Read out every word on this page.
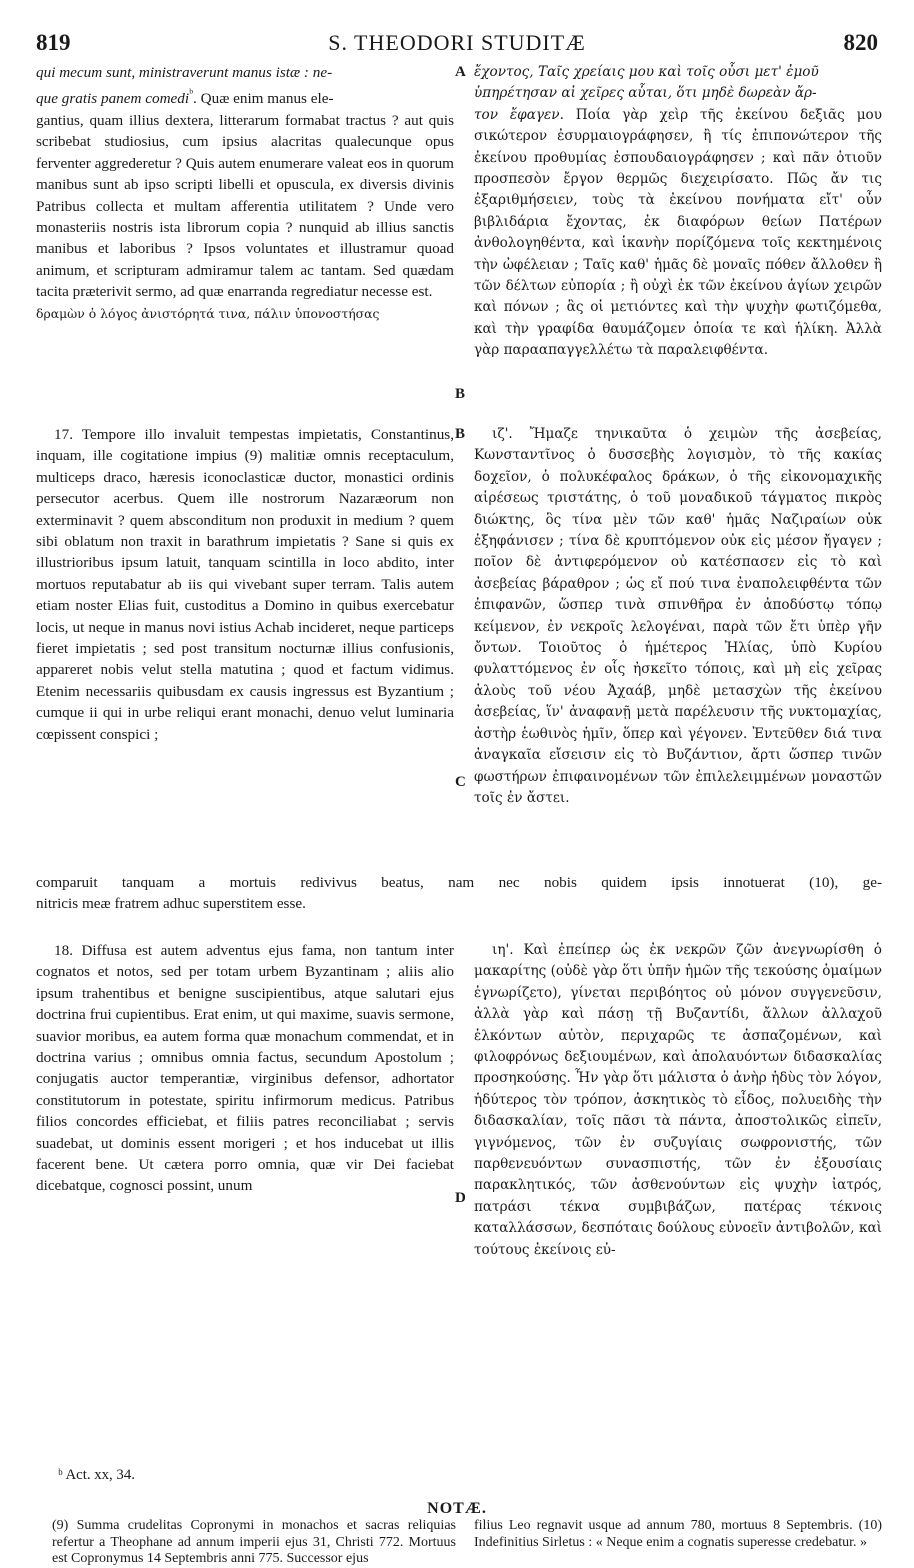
819	S. THEODORI STUDITÆ	820

qui mecum sunt, ministraverunt manus istæ : ne-

que gratis panem comedi$^ᵇ$. Quæ enim manus ele-

gantius, quam illius dextera, litterarum formabat tractus ? aut quis scribebat studiosius, cum ipsius alacritas qualecunque opus ferventer aggrederetur ? Quis autem enumerare valeat eos in quorum manibus sunt ab ipso scripti libelli et opuscula, ex diversis divinis Patribus collecta et multam afferentia utilitatem ? Unde vero monasteriis nostris ista librorum copia ? nunquid ab illius sanctis manibus et laboribus ? Ipsos voluntates et illustramur quoad animum, et scripturam admiramur talem ac tantam. Sed quædam tacita præterivit sermo, ad quæ enarranda regrediatur necesse est.

δραμὼν ὁ λόγος ἀνιστόρητά τινα, πάλιν ὑπονοστήσας

ἔχοντος, Ταῖς χρείαις μου καὶ τοῖς οὖσι μετ' ἐμοῦ

ὑπηρέτησαν αἱ χεῖρες αὗται, ὅτι μηδὲ δωρεὰν ἄρ-

τον ἔφαγεν. Ποία γὰρ χεὶρ τῆς ἐκείνου δεξιᾶς μου σικώτερον ἐσυρμαιογράφησεν, ἢ τίς ἐπιπονώτερον τῆς ἐκείνου προθυμίας ἐσπουδαιογράφησεν ; καὶ πᾶν ὁτιοῦν προσπεσὸν ἔργον θερμῶς διεχειρίσατο. Πῶς ἄν τις ἐξαριθμήσειεν, τοὺς τὰ ἐκείνου πονήματα εἴτ' οὖν βιβλιδάρια ἔχοντας, ἐκ διαφόρων θείων Πατέρων ἀνθολογηθέντα, καὶ ἱκανὴν πορίζόμενα τοῖς κεκτημένοις τὴν ὠφέλειαν ; Ταῖς καθ' ἡμᾶς δὲ μοναῖς πόθεν ἄλλοθεν ἢ τῶν δέλτων εὐπορία ; ἢ οὐχὶ ἐκ τῶν ἐκείνου ἁγίων χειρῶν καὶ πόνων ; ἃς οἱ μετιόντες καὶ τὴν ψυχὴν φωτιζόμεθα, καὶ τὴν γραφίδα θαυμάζομεν ὁποία τε καὶ ἡλίκη. Ἀλλὰ γὰρ παρααπαγγελλέτω τὰ παραλειφθέντα.

17. Tempore illo invaluit tempestas impietatis, Constantinus, inquam, ille cogitatione impius (9) malitiæ omnis receptaculum, multiceps draco, hæresis iconoclasticæ ductor, monastici ordinis persecutor acerbus. Quem ille nostrorum Nazaræorum non exterminavit ? quem absconditum non produxit in medium ? quem sibi oblatum non traxit in barathrum impietatis ? Sane si quis ex illustrioribus ipsum latuit, tanquam scintilla in loco abdito, inter mortuos reputabatur ab iis qui vivebant super terram. Talis autem etiam noster Elias fuit, custoditus a Domino in quibus exercebatur locis, ut neque in manus novi istius Achab incideret, neque particeps fieret impietatis ; sed post transitum nocturnæ illius confusionis, appareret nobis velut stella matutina ; quod et factum vidimus. Etenim necessariis quibusdam ex causis ingressus est Byzantium ; cumque ii qui in urbe reliqui erant monachi, denuo velut luminaria cœpissent conspici ;

ιζ'. Ἤμαζε τηνικαῦτα ὁ χειμὼν τῆς ἀσεβείας, Κωνσταντῖνος ὁ δυσσεβὴς λογισμὸν, τὸ τῆς κακίας δοχεῖον, ὁ πολυκέφαλος δράκων, ὁ τῆς εἰκονομαχικῆς αἱρέσεως τριστάτης, ὁ τοῦ μοναδικοῦ τάγματος πικρὸς διώκτης, ὃς τίνα μὲν τῶν καθ' ἡμᾶς Ναζιραίων οὐκ ἐξηφάνισεν ; τίνα δὲ κρυπτόμενον οὐκ εἰς μέσον ἤγαγεν ; ποῖον δὲ ἀντιφερόμενον οὐ κατέσπασεν εἰς τὸ καὶ ἀσεβείας βάραθρον ; ὡς εἴ πού τινα ἐναπολειφθέντα τῶν ἐπιφανῶν, ὥσπερ τινὰ σπινθῆρα ἐν ἀποδύστῳ τόπῳ κείμενον, ἐν νεκροῖς λελογέναι, παρὰ τῶν ἔτι ὑπὲρ γῆν ὄντων. Τοιοῦτος ὁ ἡμέτερος Ἠλίας, ὑπὸ Κυρίου φυλαττόμενος ἐν οἷς ἠσκεῖτο τόποις, καὶ μὴ εἰς χεῖρας ἁλοὺς τοῦ νέου Ἀχαάβ, μηδὲ μετασχὼν τῆς ἐκείνου ἀσεβείας, ἵν' ἀναφανῇ μετὰ παρέλευσιν τῆς νυκτομαχίας, ἀστὴρ ἑωθινὸς ἡμῖν, ὅπερ καὶ γέγονεν. Ἐντεῦθεν διά τινα ἀναγκαῖα εἴσεισιν εἰς τὸ Βυζάντιον, ἄρτι ὥσπερ τινῶν φωστήρων ἐπιφαινομένων τῶν ἐπιλελειμμένων μοναστῶν τοῖς ἐν ἄστει.

comparuit tanquam a mortuis redivivus beatus, nam nec nobis quidem ipsis innotuerat (10), ge-

nitricis meæ fratrem adhuc superstitem esse.

18. Diffusa est autem adventus ejus fama, non tantum inter cognatos et notos, sed per totam urbem Byzantinam ; aliis alio ipsum trahentibus et benigne suscipientibus, atque salutari ejus doctrina frui cupientibus. Erat enim, ut qui maxime, suavis sermone, suavior moribus, ea autem forma quæ monachum commendat, et in doctrina varius ; omnibus omnia factus, secundum Apostolum ; conjugatis auctor temperantiæ, virginibus defensor, adhortator constitutorum in potestate, spiritu infirmorum medicus. Patribus filios concordes efficiebat, et filiis patres reconciliabat ; servis suadebat, ut dominis essent morigeri ; et hos inducebat ut illis facerent bene. Ut cætera porro omnia, quæ vir Dei faciebat dicebatque, cognosci possint, unum

ιη'. Καὶ ἐπείπερ ὡς ἐκ νεκρῶν ζῶν ἀνεγνωρίσθη ὁ μακαρίτης (οὐδὲ γὰρ ὅτι ὑπῆν ἡμῶν τῆς τεκούσης ὁμαίμων ἐγνωρίζετο), γίνεται περιβόητος οὐ μόνον συγγενεῦσιν, ἀλλὰ γὰρ καὶ πάσῃ τῇ Βυζαντίδι, ἄλλων ἀλλαχοῦ ἑλκόντων αὐτὸν, περιχαρῶς τε ἀσπαζομένων, καὶ φιλοφρόνως δεξιουμένων, καὶ ἀπολαυόντων διδασκαλίας προσηκούσης. Ἦν γὰρ ὅτι μάλιστα ὁ ἀνὴρ ἡδὺς τὸν λόγον, ἡδύτερος τὸν τρόπον, ἀσκητικὸς τὸ εἶδος, πολυειδὴς τὴν διδασκαλίαν, τοῖς πᾶσι τὰ πάντα, ἀποστολικῶς εἰπεῖν, γιγνόμενος, τῶν ἐν συζυγίαις σωφρονιστής, τῶν παρθενευόντων συνασπιστής, τῶν ἐν ἐξουσίαις παρακλητικός, τῶν ἀσθενούντων εἰς ψυχὴν ἰατρός, πατράσι τέκνα συμβιβάζων, πατέρας τέκνοις καταλλάσσων, δεσπόταις δούλους εὐνοεῖν ἀντιβολῶν, καὶ τούτους ἐκείνοις εὐ-

A
B
B
C
D
ᵇ Act. xx, 34.
NOTÆ.
(9) Summa crudelitas Copronymi in monachos et sacras reliquias refertur a Theophane ad annum imperii ejus 31, Christi 772. Mortuus est Copronymus 14 Septembris anni 775. Successor ejus
filius Leo regnavit usque ad annum 780, mortuus 8 Septembris. (10) Indefinitius Sirletus : « Neque enim a cognatis superesse credebatur. »
